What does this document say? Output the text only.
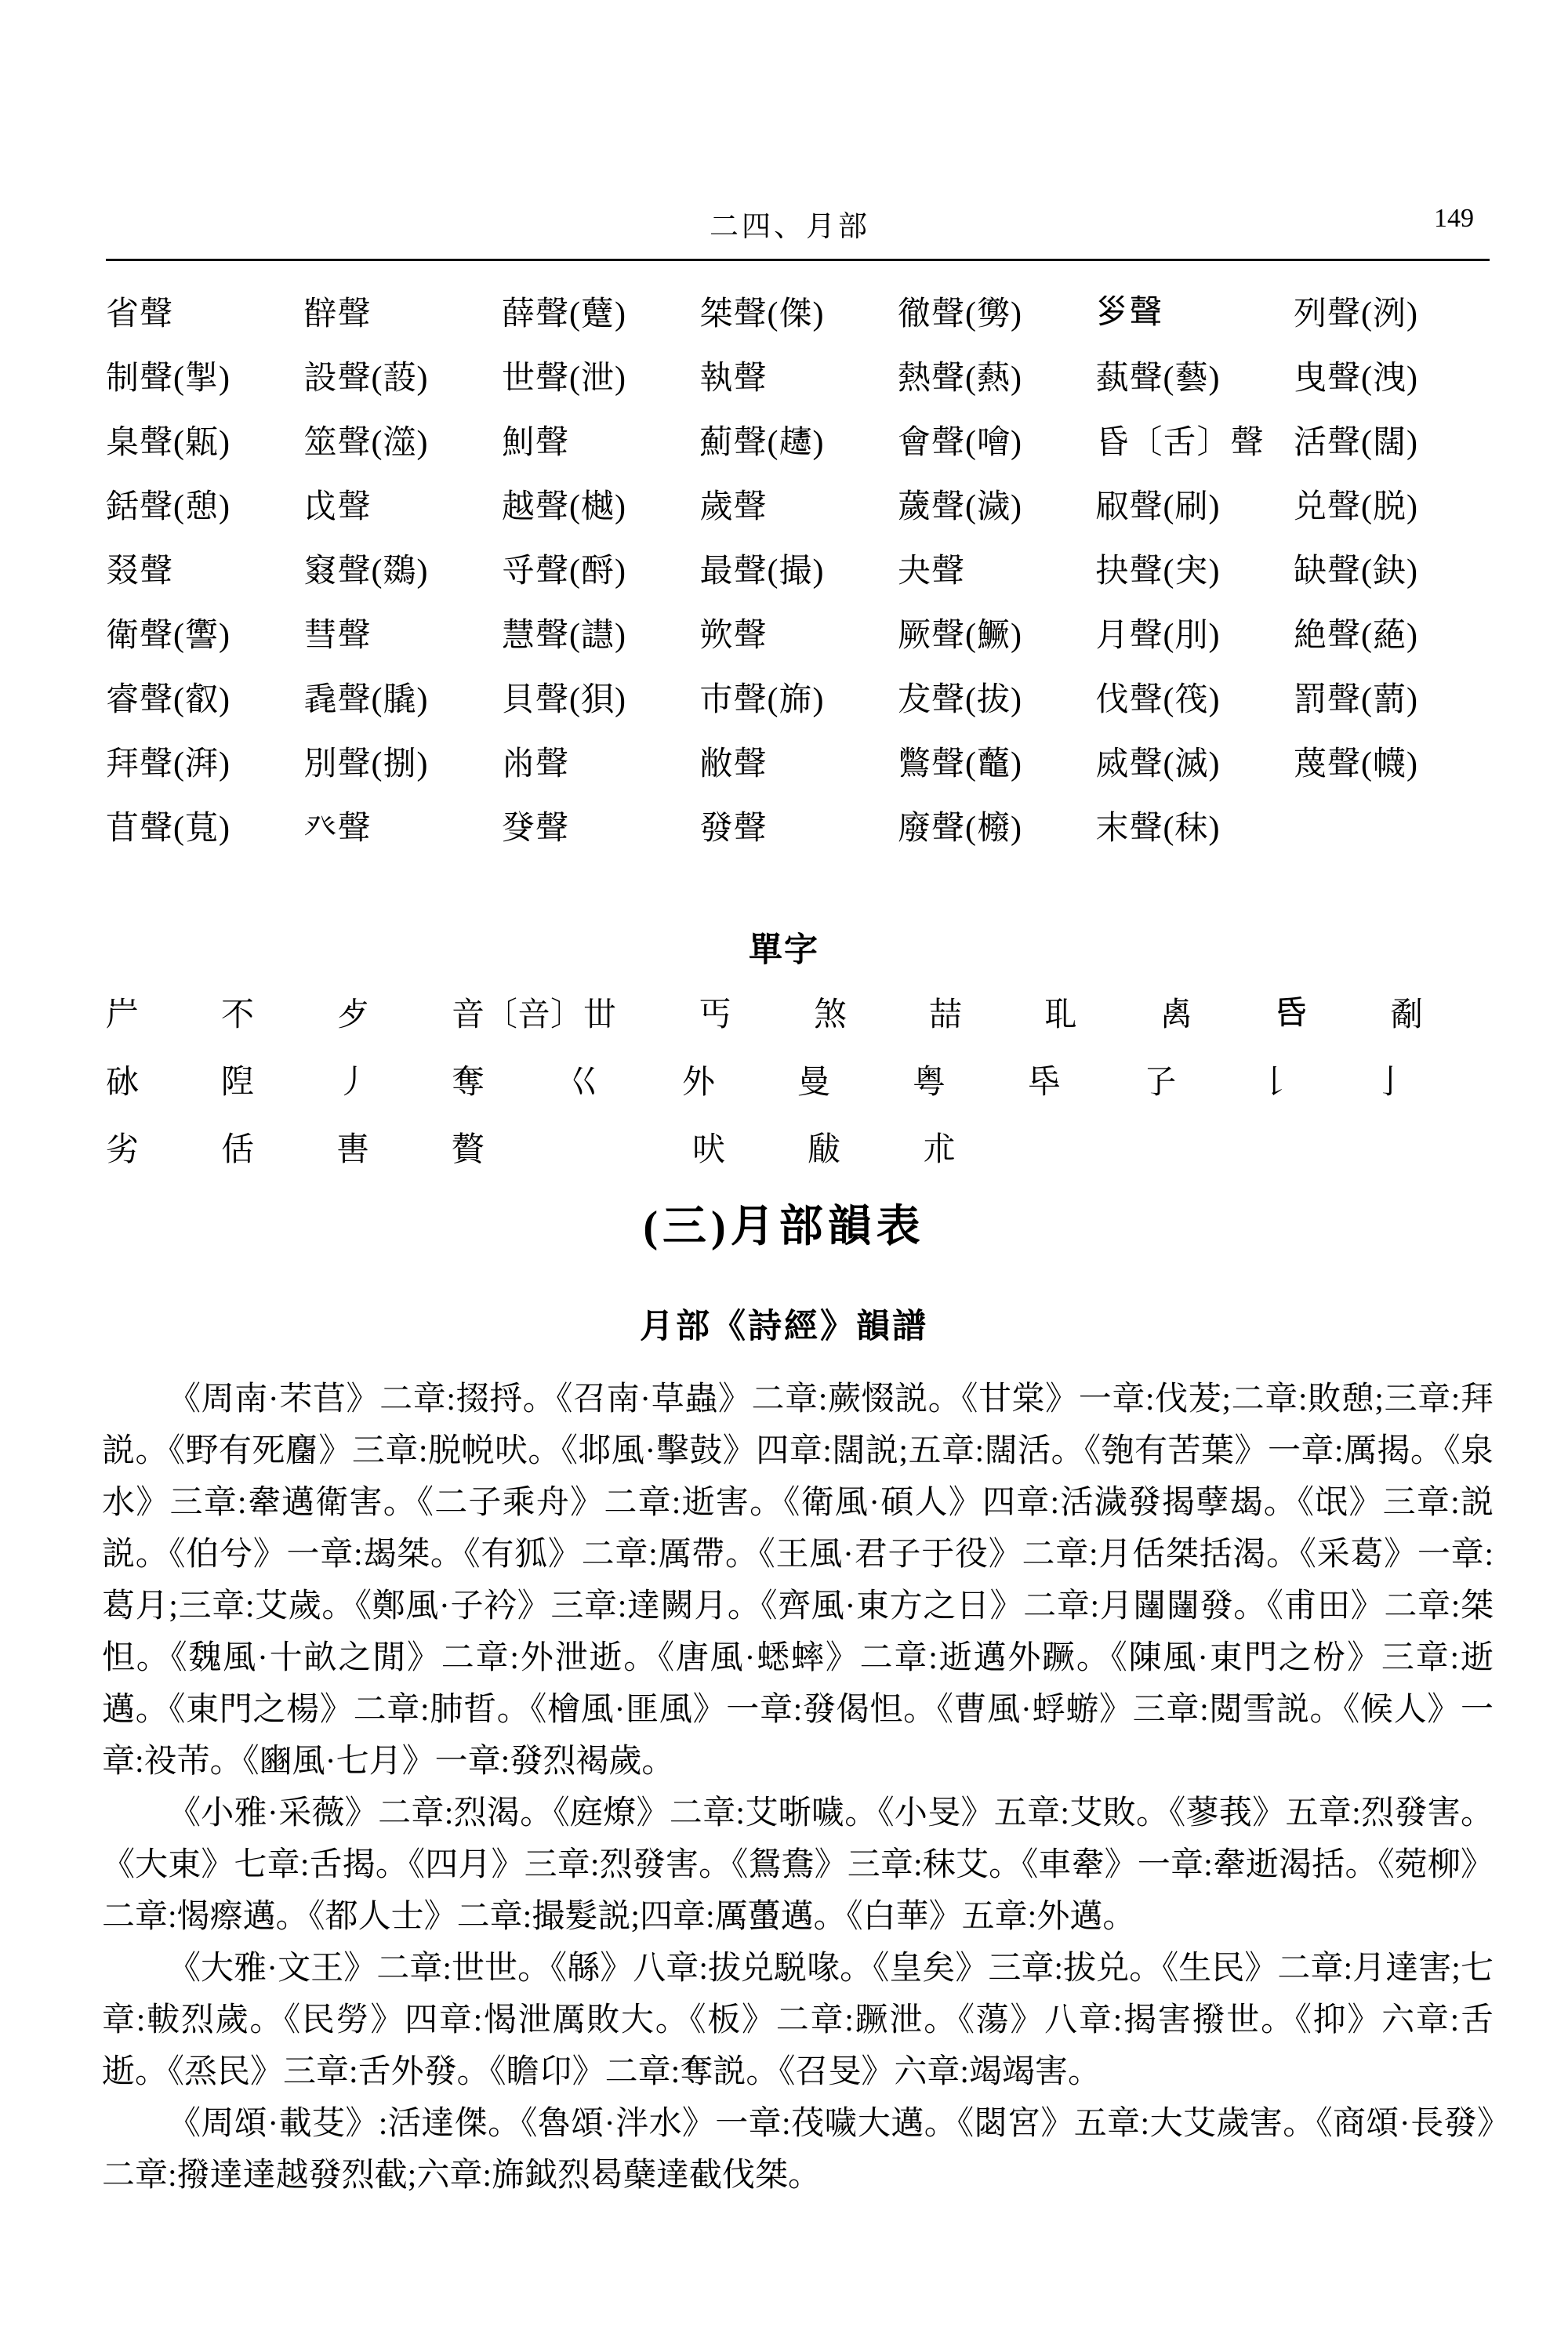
二四、月部	149
省聲	辥聲	薛聲(躠)	桀聲(傑)	徹聲(勶)	𡿪聲	列聲(洌)
制聲(掣)	設聲(蔎)	世聲(泄)	執聲	熱聲(爇)	蓺聲(藝)	曳聲(洩)
臬聲(甈)	筮聲(澨)	魝聲	薊聲(𧾨)	會聲(噲)	昏〔舌〕聲 活聲(闊)
銛聲(憩)	戉聲	越聲(樾)	歲聲	薉聲(濊)	㕞聲(刷)	兑聲(脱)
叕聲	窡聲(鵽)	寽聲(酹)	最聲(撮)	夬聲	抉聲(宊)	缺聲(鈌)
衛聲(讆)	彗聲	慧聲(譿)	欮聲	厥聲(鱖)	月聲(刖)	絶聲(蕝)
睿聲(叡)	毳聲(膬)	貝聲(狽)	巿聲(旆)	犮聲(拔)	伐聲(筏)	罰聲(藅)
拜聲(湃)	別聲(捌)	㡀聲	敝聲	鷩聲(虌)	烕聲(滅)	蔑聲(幭)
苜聲(萈)	癶聲	癹聲	發聲	廢聲(櫠)	末聲(秣)
單字
屵	不	歺	音〔咅〕 丗	丐	煞	喆	耴	禼	𠯑	劀
砅	隉	丿	奪	巜	外	曼	粤	氒	孒	𠄌	亅
劣	佸	軎	贅	吠	瞂	朮
(三)月部韻表
月部《詩經》韻譜

《周南·芣苢》二章:掇捋。《召南·草蟲》二章:蕨惙説。《甘棠》一章:伐茇;二章:敗憩;三章:拜説。《野有死麕》三章:脱帨吠。《邶風·擊鼓》四章:闊説;五章:闊活。《匏有苦葉》一章:厲揭。《泉水》三章:舝邁衛害。《二子乘舟》二章:逝害。《衛風·碩人》四章:活濊發揭孽朅。《氓》三章:説説。《伯兮》一章:朅桀。《有狐》二章:厲帶。《王風·君子于役》二章:月佸桀括渴。《采葛》一章:葛月;三章:艾歲。《鄭風·子衿》三章:達闕月。《齊風·東方之日》二章:月闥闥發。《甫田》二章:桀怛。《魏風·十畝之閒》二章:外泄逝。《唐風·蟋蟀》二章:逝邁外蹶。《陳風·東門之枌》三章:逝邁。《東門之楊》二章:肺晢。《檜風·匪風》一章:發偈怛。《曹風·蜉蝣》三章:閲雪説。《候人》一章:祋芾。《豳風·七月》一章:發烈褐歲。

《小雅·采薇》二章:烈渴。《庭燎》二章:艾晣噦。《小旻》五章:艾敗。《蓼莪》五章:烈發害。《大東》七章:舌揭。《四月》三章:烈發害。《鴛鴦》三章:秣艾。《車舝》一章:舝逝渴括。《菀柳》二章:愒瘵邁。《都人士》二章:撮髮説;四章:厲蠆邁。《白華》五章:外邁。

《大雅·文王》二章:世世。《緜》八章:拔兑駾喙。《皇矣》三章:拔兑。《生民》二章:月達害;七章:軷烈歲。《民勞》四章:愒泄厲敗大。《板》二章:蹶泄。《蕩》八章:揭害撥世。《抑》六章:舌逝。《烝民》三章:舌外發。《瞻卬》二章:奪説。《召旻》六章:竭竭害。

《周頌·載芟》:活達傑。《魯頌·泮水》一章:茷噦大邁。《閟宮》五章:大艾歲害。《商頌·長發》二章:撥達達越發烈截;六章:旆鉞烈曷蘖達截伐桀。
